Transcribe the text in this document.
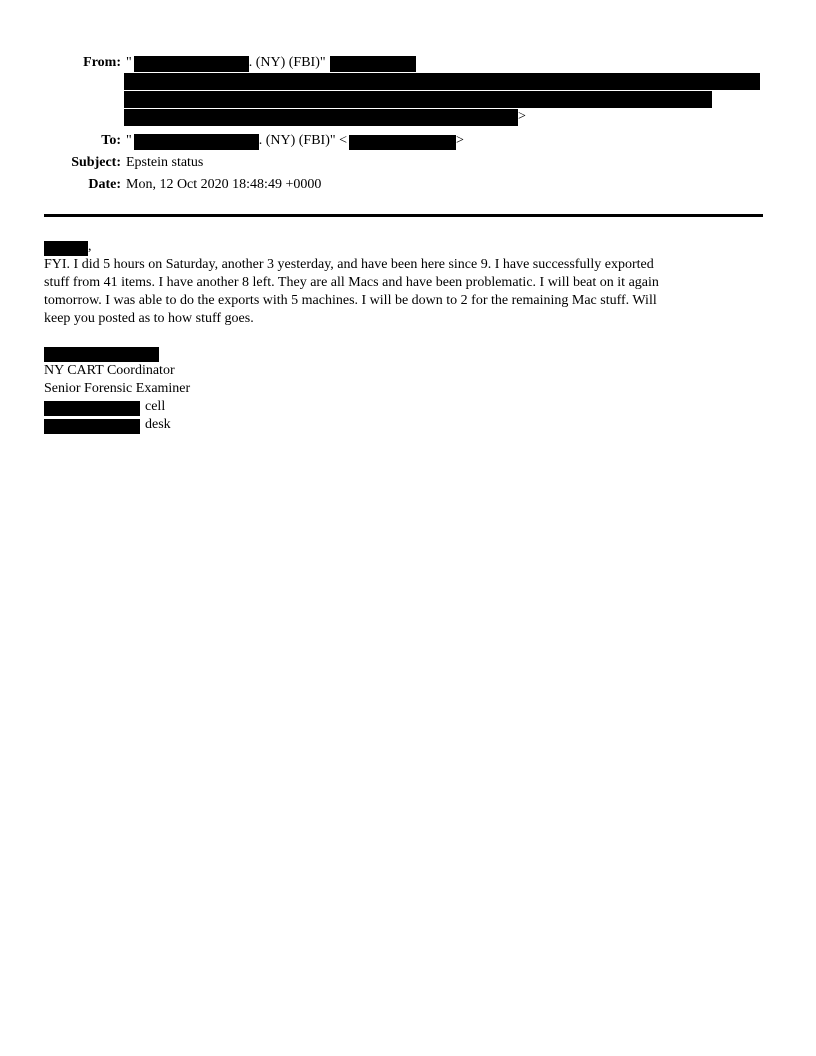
From: "	. (NY) (FBI)"
>
To: "	. (NY) (FBI)" <	>
Subject: Epstein status
Date: Mon, 12 Oct 2020 18:48:49 +0000
,
FYI. I did 5 hours on Saturday, another 3 yesterday, and have been here since 9. I have successfully exported
stuff from 41 items. I have another 8 left. They are all Macs and have been problematic. I will beat on it again
tomorrow. I was able to do the exports with 5 machines. I will be down to 2 for the remaining Mac stuff. Will
keep you posted as to how stuff goes.
NY CART Coordinator
Senior Forensic Examiner
cell
desk
